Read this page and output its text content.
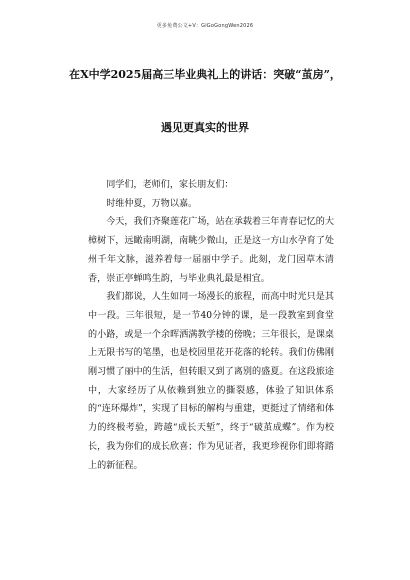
更多免费公文+V：GiGoGongWen2026
在X中学2025届高三毕业典礼上的讲话：突破“茧房”，
遇见更真实的世界

同学们，老师们，家长朋友们：

时维仲夏，万物以嘉。

今天，我们齐聚莲花广场，站在承载着三年青春记忆的大樟树下，远瞰南明湖，南眺少微山，正是这一方山水孕育了处州千年文脉，滋养着每一届丽中学子。此刻，龙门园草木清香，崇正亭蝉鸣生韵，与毕业典礼最是相宜。

我们都说，人生如同一场漫长的旅程，而高中时光只是其中一段。三年很短，是一节40分钟的课，是一段教室到食堂的小路，或是一个余晖洒满教学楼的傍晚；三年很长，是课桌上无限书写的笔墨，也是校园里花开花落的轮转。我们仿佛刚刚习惯了丽中的生活，但转眼又到了离别的盛夏。在这段旅途中，大家经历了从依赖到独立的撕裂感，体验了知识体系的“连环爆炸”，实现了目标的解构与重建，更挺过了情绪和体力的终极考验，跨越“成长天堑”，终于“破茧成蝶”。作为校长，我为你们的成长欣喜；作为见证者，我更珍视你们即将踏上的新征程。
